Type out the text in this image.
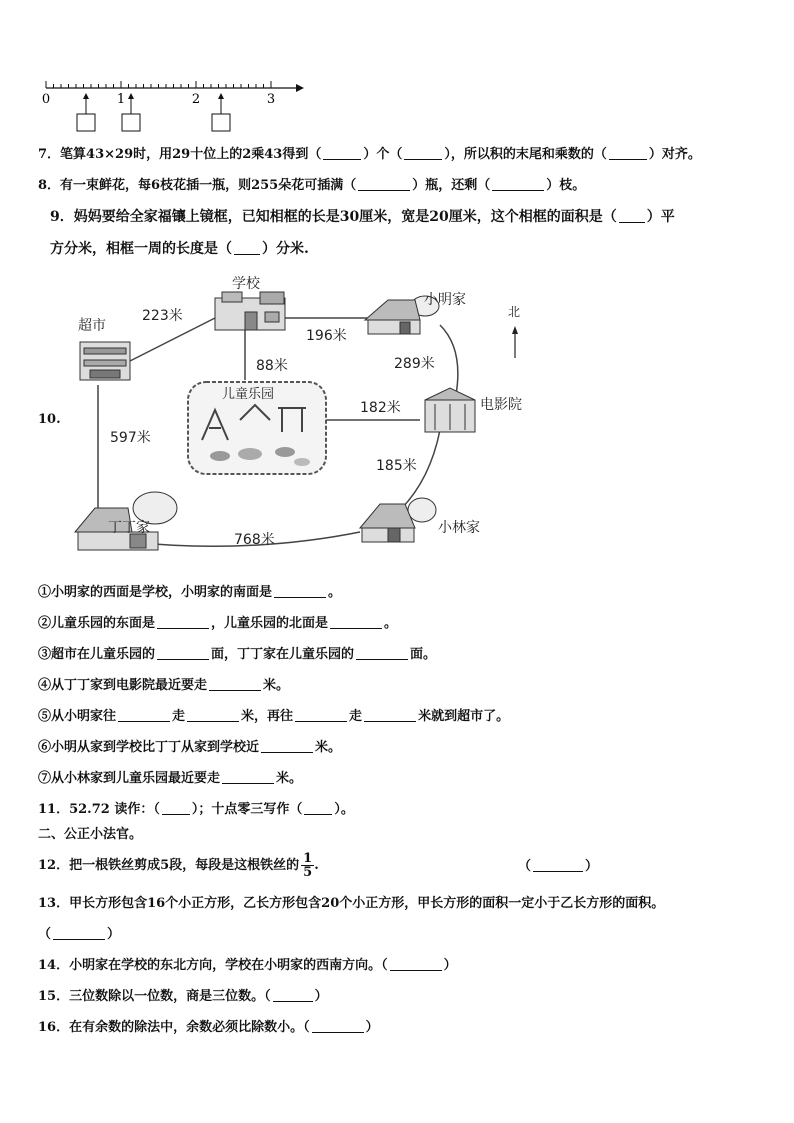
0	1	2	3
7．笔算43×29时，用29十位上的2乘43得到（	）个（	），所以积的末尾和乘数的（	）对齐。
8．有一束鲜花，每6枝花插一瓶，则255朵花可插满（	）瓶，还剩（	）枝。
9．妈妈要给全家福镶上镜框，已知相框的长是30厘米，宽是20厘米，这个相框的面积是（ ）平
方分米，相框一周的长度是（ ）分米.
10.
学校
超市
小明家
北
儿童乐园
电影院
丁丁家	小林家
223米
196米
88米	289米
182米
597米
185米
768米
①小明家的西面是学校，小明家的南面是	。
②儿童乐园的东面是	，儿童乐园的北面是	。
③超市在儿童乐园的	面，丁丁家在儿童乐园的	面。
④从丁丁家到电影院最近要走	米。
⑤从小明家往	走	米，再往	走	米就到超市了。
⑥小明从家到学校比丁丁从家到学校近	米。
⑦从小林家到儿童乐园最近要走	米。
11．52.72 读作：（ ）；十点零三写作（ ）。
二、公正小法官。
12．把一根铁丝剪成5段，每段是这根铁丝的 $\frac{1}{5}$ .	（	）
13．甲长方形包含16个小正方形，乙长方形包含20个小正方形，甲长方形的面积一定小于乙长方形的面积。
（	）
14．小明家在学校的东北方向，学校在小明家的西南方向。（	）
15．三位数除以一位数，商是三位数。（	）
16．在有余数的除法中，余数必须比除数小。（	）
